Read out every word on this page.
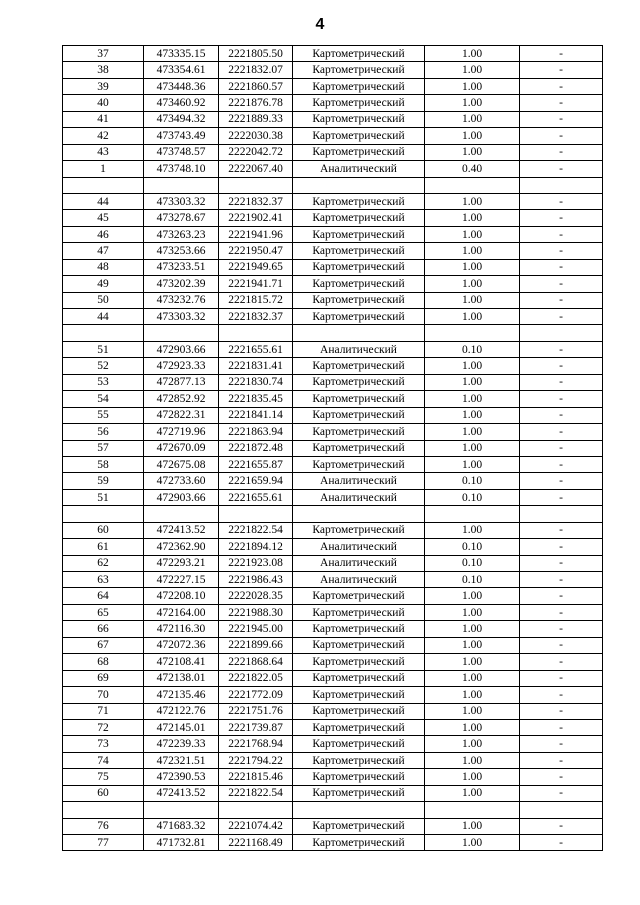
4
37	473335.15	2221805.50	Картометрический	1.00	-
38	473354.61	2221832.07	Картометрический	1.00	-
39	473448.36	2221860.57	Картометрический	1.00	-
40	473460.92	2221876.78	Картометрический	1.00	-
41	473494.32	2221889.33	Картометрический	1.00	-
42	473743.49	2222030.38	Картометрический	1.00	-
43	473748.57	2222042.72	Картометрический	1.00	-
1	473748.10	2222067.40	Аналитический	0.40	-

44	473303.32	2221832.37	Картометрический	1.00	-
45	473278.67	2221902.41	Картометрический	1.00	-
46	473263.23	2221941.96	Картометрический	1.00	-
47	473253.66	2221950.47	Картометрический	1.00	-
48	473233.51	2221949.65	Картометрический	1.00	-
49	473202.39	2221941.71	Картометрический	1.00	-
50	473232.76	2221815.72	Картометрический	1.00	-
44	473303.32	2221832.37	Картометрический	1.00	-

51	472903.66	2221655.61	Аналитический	0.10	-
52	472923.33	2221831.41	Картометрический	1.00	-
53	472877.13	2221830.74	Картометрический	1.00	-
54	472852.92	2221835.45	Картометрический	1.00	-
55	472822.31	2221841.14	Картометрический	1.00	-
56	472719.96	2221863.94	Картометрический	1.00	-
57	472670.09	2221872.48	Картометрический	1.00	-
58	472675.08	2221655.87	Картометрический	1.00	-
59	472733.60	2221659.94	Аналитический	0.10	-
51	472903.66	2221655.61	Аналитический	0.10	-

60	472413.52	2221822.54	Картометрический	1.00	-
61	472362.90	2221894.12	Аналитический	0.10	-
62	472293.21	2221923.08	Аналитический	0.10	-
63	472227.15	2221986.43	Аналитический	0.10	-
64	472208.10	2222028.35	Картометрический	1.00	-
65	472164.00	2221988.30	Картометрический	1.00	-
66	472116.30	2221945.00	Картометрический	1.00	-
67	472072.36	2221899.66	Картометрический	1.00	-
68	472108.41	2221868.64	Картометрический	1.00	-
69	472138.01	2221822.05	Картометрический	1.00	-
70	472135.46	2221772.09	Картометрический	1.00	-
71	472122.76	2221751.76	Картометрический	1.00	-
72	472145.01	2221739.87	Картометрический	1.00	-
73	472239.33	2221768.94	Картометрический	1.00	-
74	472321.51	2221794.22	Картометрический	1.00	-
75	472390.53	2221815.46	Картометрический	1.00	-
60	472413.52	2221822.54	Картометрический	1.00	-

76	471683.32	2221074.42	Картометрический	1.00	-
77	471732.81	2221168.49	Картометрический	1.00	-
